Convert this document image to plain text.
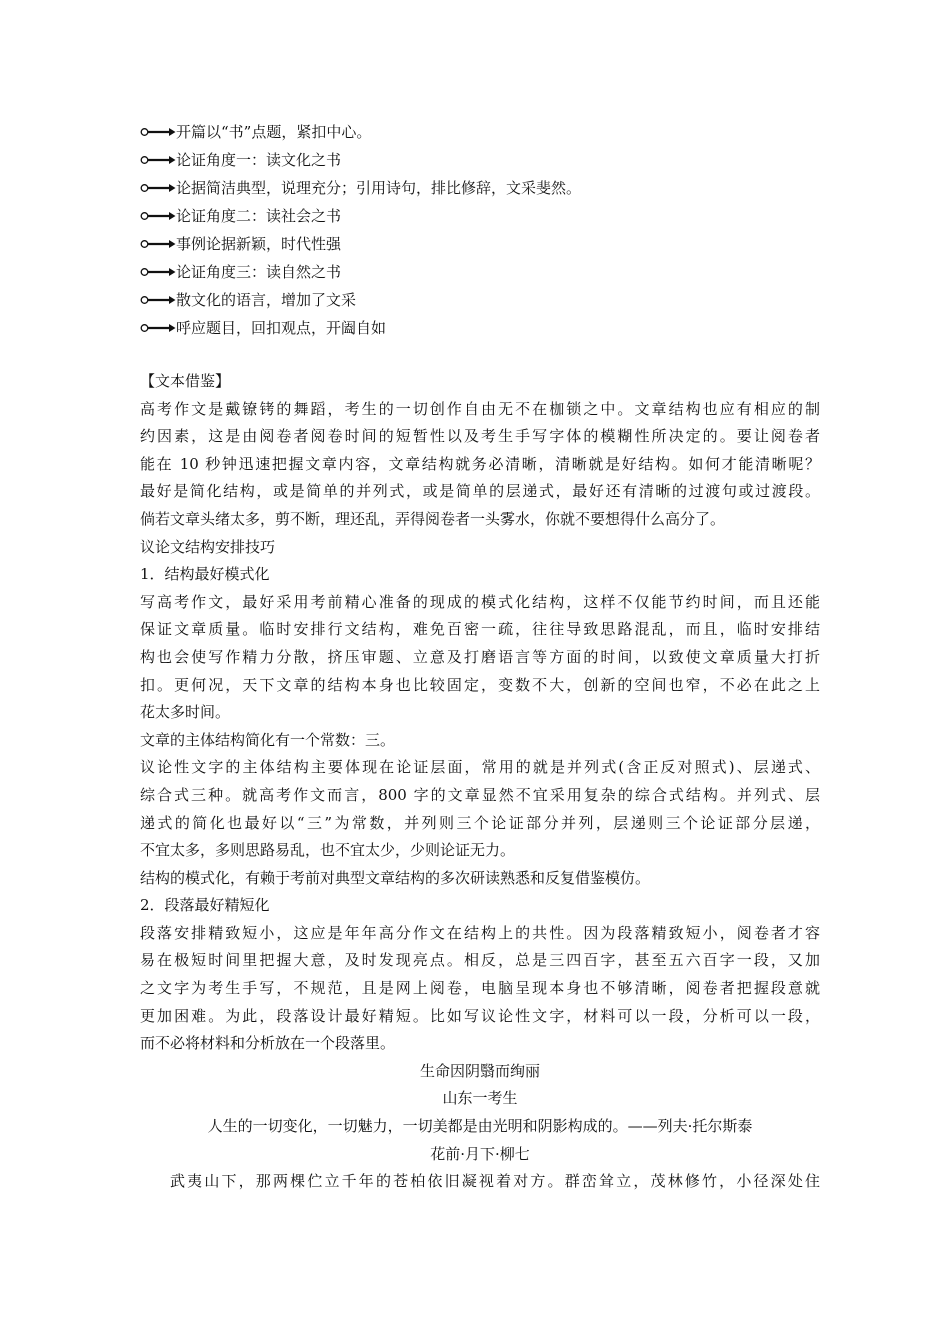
开篇以“书”点题，紧扣中心。
论证角度一：读文化之书
论据简洁典型，说理充分；引用诗句，排比修辞，文采斐然。
论证角度二：读社会之书
事例论据新颖，时代性强
论证角度三：读自然之书
散文化的语言，增加了文采
呼应题目，回扣观点，开阖自如
【文本借鉴】
高考作文是戴镣铐的舞蹈，考生的一切创作自由无不在枷锁之中。文章结构也应有相应的制
约因素，这是由阅卷者阅卷时间的短暂性以及考生手写字体的模糊性所决定的。要让阅卷者
能在 10 秒钟迅速把握文章内容，文章结构就务必清晰，清晰就是好结构。如何才能清晰呢？
最好是简化结构，或是简单的并列式，或是简单的层递式，最好还有清晰的过渡句或过渡段。
倘若文章头绪太多，剪不断，理还乱，弄得阅卷者一头雾水，你就不要想得什么高分了。
议论文结构安排技巧
1．结构最好模式化
写高考作文，最好采用考前精心准备的现成的模式化结构，这样不仅能节约时间，而且还能
保证文章质量。临时安排行文结构，难免百密一疏，往往导致思路混乱，而且，临时安排结
构也会使写作精力分散，挤压审题、立意及打磨语言等方面的时间，以致使文章质量大打折
扣。更何况，天下文章的结构本身也比较固定，变数不大，创新的空间也窄，不必在此之上
花太多时间。
文章的主体结构简化有一个常数：三。
议论性文字的主体结构主要体现在论证层面，常用的就是并列式(含正反对照式)、层递式、
综合式三种。就高考作文而言，800 字的文章显然不宜采用复杂的综合式结构。并列式、层
递式的简化也最好以“三”为常数，并列则三个论证部分并列，层递则三个论证部分层递，
不宜太多，多则思路易乱，也不宜太少，少则论证无力。
结构的模式化，有赖于考前对典型文章结构的多次研读熟悉和反复借鉴模仿。
2．段落最好精短化
段落安排精致短小，这应是年年高分作文在结构上的共性。因为段落精致短小，阅卷者才容
易在极短时间里把握大意，及时发现亮点。相反，总是三四百字，甚至五六百字一段，又加
之文字为考生手写，不规范，且是网上阅卷，电脑呈现本身也不够清晰，阅卷者把握段意就
更加困难。为此，段落设计最好精短。比如写议论性文字，材料可以一段，分析可以一段，
而不必将材料和分析放在一个段落里。
生命因阴翳而绚丽
山东一考生
人生的一切变化，一切魅力，一切美都是由光明和阴影构成的。——列夫·托尔斯泰
花前·月下·柳七
武夷山下，那两棵伫立千年的苍柏依旧凝视着对方。群峦耸立，茂林修竹，小径深处住
